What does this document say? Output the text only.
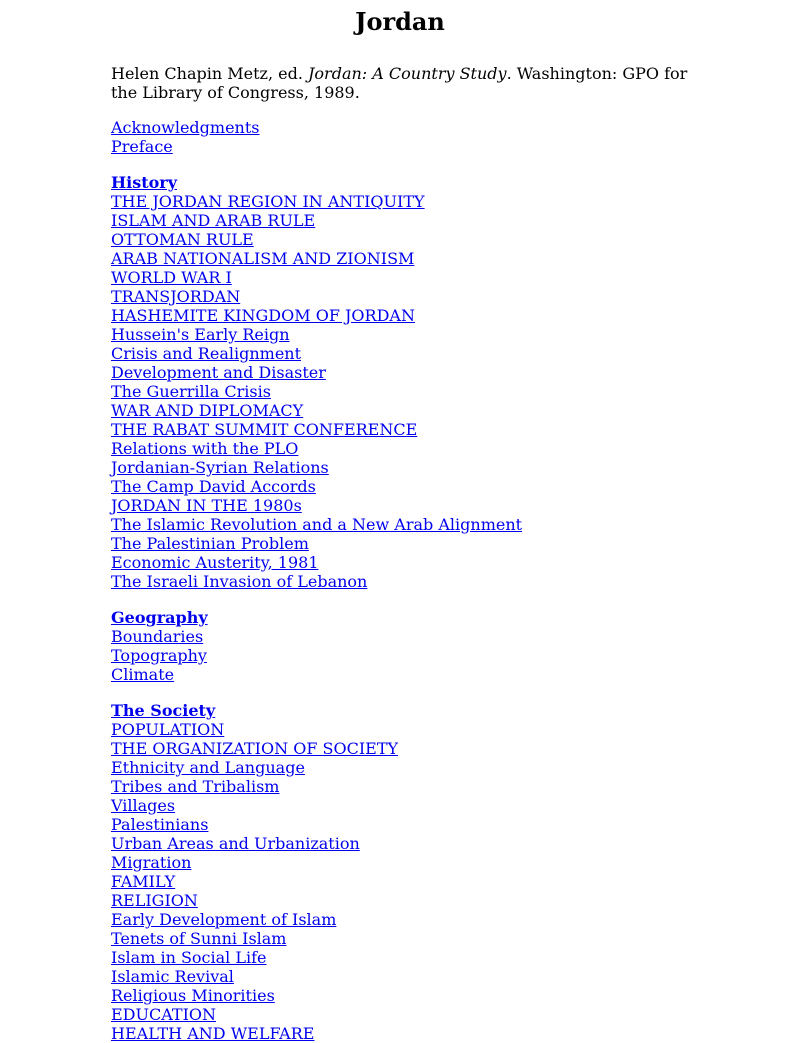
Jordan

Helen Chapin Metz, ed. Jordan: A Country Study. Washington: GPO for the Library of Congress, 1989.

Acknowledgments
Preface
History
THE JORDAN REGION IN ANTIQUITY
ISLAM AND ARAB RULE
OTTOMAN RULE
ARAB NATIONALISM AND ZIONISM
WORLD WAR I
TRANSJORDAN
HASHEMITE KINGDOM OF JORDAN
Hussein's Early Reign
Crisis and Realignment
Development and Disaster
The Guerrilla Crisis
WAR AND DIPLOMACY
THE RABAT SUMMIT CONFERENCE
Relations with the PLO
Jordanian-Syrian Relations
The Camp David Accords
JORDAN IN THE 1980s
The Islamic Revolution and a New Arab Alignment
The Palestinian Problem
Economic Austerity, 1981
The Israeli Invasion of Lebanon
Geography
Boundaries
Topography
Climate
The Society
POPULATION
THE ORGANIZATION OF SOCIETY
Ethnicity and Language
Tribes and Tribalism
Villages
Palestinians
Urban Areas and Urbanization
Migration
FAMILY
RELIGION
Early Development of Islam
Tenets of Sunni Islam
Islam in Social Life
Islamic Revival
Religious Minorities
EDUCATION
HEALTH AND WELFARE
